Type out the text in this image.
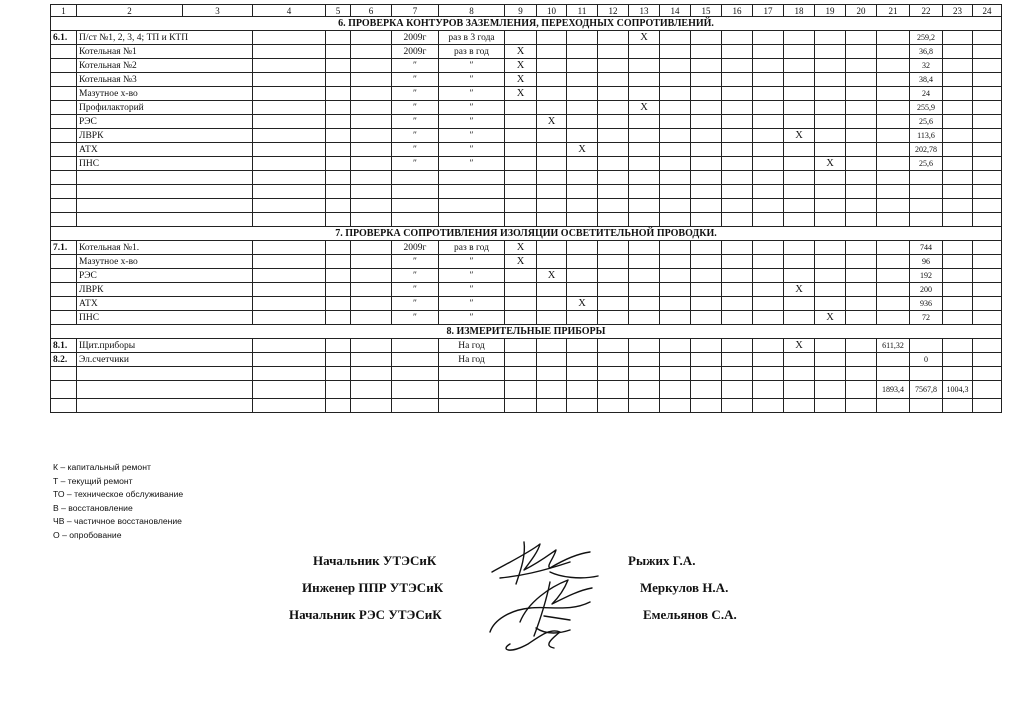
1	2	3	4	5	6	7	8	9	10	11	12	13	14	15	16	17	18	19	20	21	22	23	24
6. ПРОВЕРКА КОНТУРОВ ЗАЗЕМЛЕНИЯ, ПЕРЕХОДНЫХ СОПРОТИВЛЕНИЙ.																							
6.1.	П/ст №1, 2, 3, 4; ТП и КТП					2009г	раз в 3 года					Х									259,2		
	Котельная №1					2009г	раз в год	Х													36,8		
	Котельная №2					″	″	Х													32		
	Котельная №3					″	″	Х													38,4		
	Мазутное х-во					″	″	Х													24		
	Профилакторий					″	″					Х									255,9		
	РЭС					″	″		Х												25,6		
	ЛВРК					″	″										Х				113,6		
	АТХ					″	″			Х											202,78		
	ПНС					″	″											Х			25,6		

7. ПРОВЕРКА СОПРОТИВЛЕНИЯ ИЗОЛЯЦИИ ОСВЕТИТЕЛЬНОЙ ПРОВОДКИ.																							
7.1.	Котельная №1.					2009г	раз в год	Х													744		
	Мазутное х-во					″	″	Х													96		
	РЭС					″	″		Х												192		
	ЛВРК					″	″										Х				200		
	АТХ					″	″			Х											936		
	ПНС					″	″											Х			72		
8. ИЗМЕРИТЕЛЬНЫЕ ПРИБОРЫ																							
8.1.	Щит.приборы						На год										Х			611,32			
8.2.	Эл.счетчики						На год														0		

																				1893,4	7567,8	1004,3	

К – капитальный ремонт
Т – текущий ремонт
ТО – техническое обслуживание
В – восстановление
ЧВ – частичное восстановление
О – опробование
Начальник УТЭСиК
Инженер ППР УТЭСиК
Начальник РЭС УТЭСиК
Рыжих Г.А.
Меркулов Н.А.
Емельянов С.А.
